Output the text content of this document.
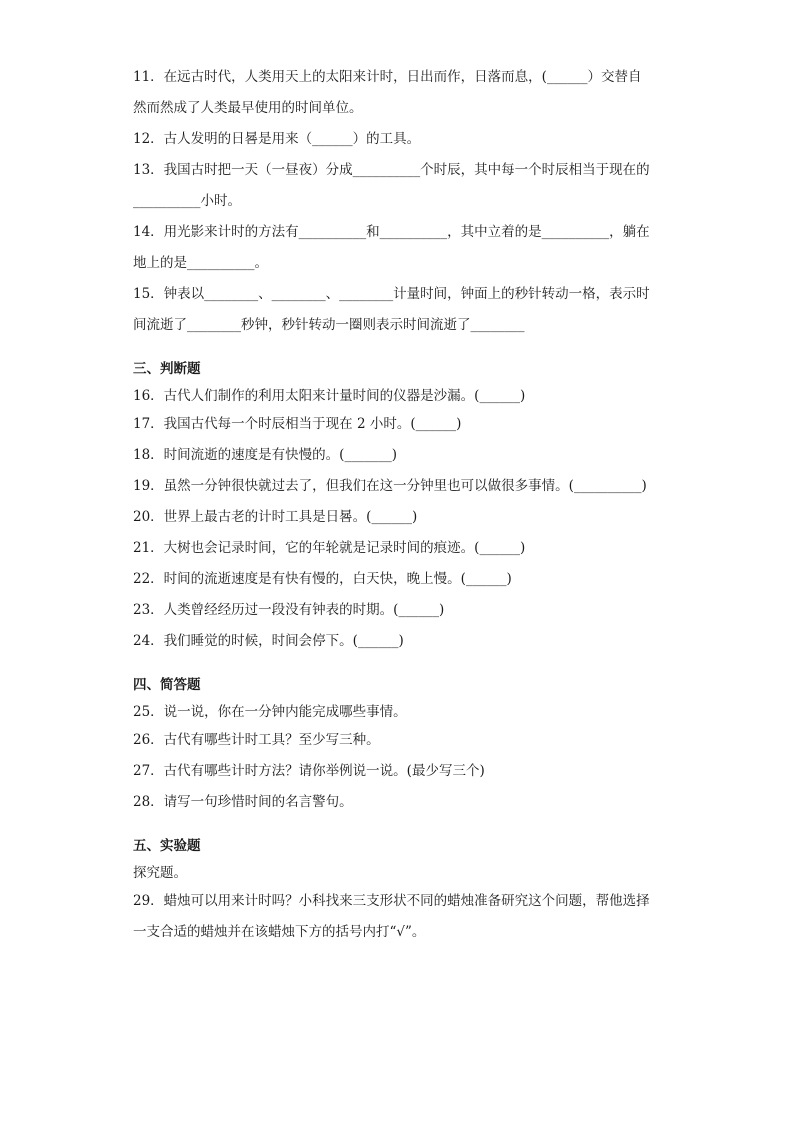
11．在远古时代，人类用天上的太阳来计时，日出而作，日落而息，(______）交替自

然而然成了人类最早使用的时间单位。

12．古人发明的日晷是用来（______）的工具。

13．我国古时把一天（一昼夜）分成__________个时辰，其中每一个时辰相当于现在的

__________小时。

14．用光影来计时的方法有__________和__________，其中立着的是__________，躺在

地上的是__________。

15．钟表以________、________、________计量时间，钟面上的秒针转动一格，表示时

间流逝了________秒钟，秒针转动一圈则表示时间流逝了________

三、判断题

16．古代人们制作的利用太阳来计量时间的仪器是沙漏。(______)

17．我国古代每一个时辰相当于现在 2 小时。(______)

18．时间流逝的速度是有快慢的。(_______)

19．虽然一分钟很快就过去了，但我们在这一分钟里也可以做很多事情。(__________)

20．世界上最古老的计时工具是日晷。(______)

21．大树也会记录时间，它的年轮就是记录时间的痕迹。(______)

22．时间的流逝速度是有快有慢的，白天快，晚上慢。(______)

23．人类曾经经历过一段没有钟表的时期。(______)

24．我们睡觉的时候，时间会停下。(______)

四、简答题

25．说一说，你在一分钟内能完成哪些事情。

26．古代有哪些计时工具？至少写三种。

27．古代有哪些计时方法？请你举例说一说。(最少写三个)

28．请写一句珍惜时间的名言警句。

五、实验题

探究题。

29．蜡烛可以用来计时吗？小科找来三支形状不同的蜡烛准备研究这个问题，帮他选择

一支合适的蜡烛并在该蜡烛下方的括号内打“√”。
